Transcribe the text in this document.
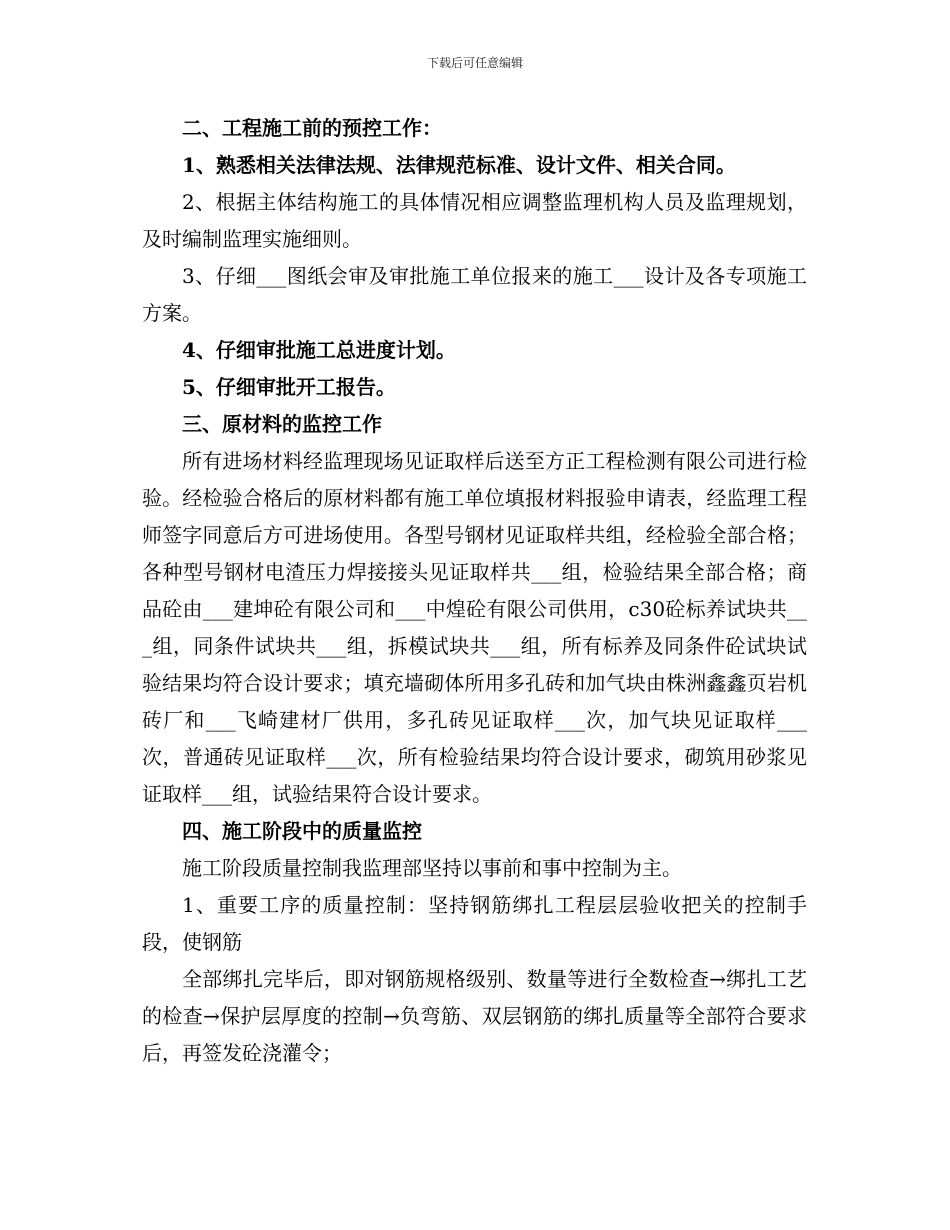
下载后可任意编辑

二、工程施工前的预控工作：

1、熟悉相关法律法规、法律规范标准、设计文件、相关合同。

2、根据主体结构施工的具体情况相应调整监理机构人员及监理规划，及时编制监理实施细则。

3、仔细___图纸会审及审批施工单位报来的施工___设计及各专项施工方案。

4、仔细审批施工总进度计划。

5、仔细审批开工报告。

三、原材料的监控工作

所有进场材料经监理现场见证取样后送至方正工程检测有限公司进行检验。经检验合格后的原材料都有施工单位填报材料报验申请表，经监理工程师签字同意后方可进场使用。各型号钢材见证取样共组，经检验全部合格；各种型号钢材电渣压力焊接接头见证取样共___组，检验结果全部合格；商品砼由___建坤砼有限公司和___中煌砼有限公司供用，c30砼标养试块共___组，同条件试块共___组，拆模试块共___组，所有标养及同条件砼试块试验结果均符合设计要求；填充墙砌体所用多孔砖和加气块由株洲鑫鑫页岩机砖厂和___飞崎建材厂供用，多孔砖见证取样___次，加气块见证取样___次，普通砖见证取样___次，所有检验结果均符合设计要求，砌筑用砂浆见证取样___组，试验结果符合设计要求。

四、施工阶段中的质量监控

施工阶段质量控制我监理部坚持以事前和事中控制为主。

1、重要工序的质量控制：坚持钢筋绑扎工程层层验收把关的控制手段，使钢筋

全部绑扎完毕后，即对钢筋规格级别、数量等进行全数检查→绑扎工艺的检查→保护层厚度的控制→负弯筋、双层钢筋的绑扎质量等全部符合要求后，再签发砼浇灌令；
